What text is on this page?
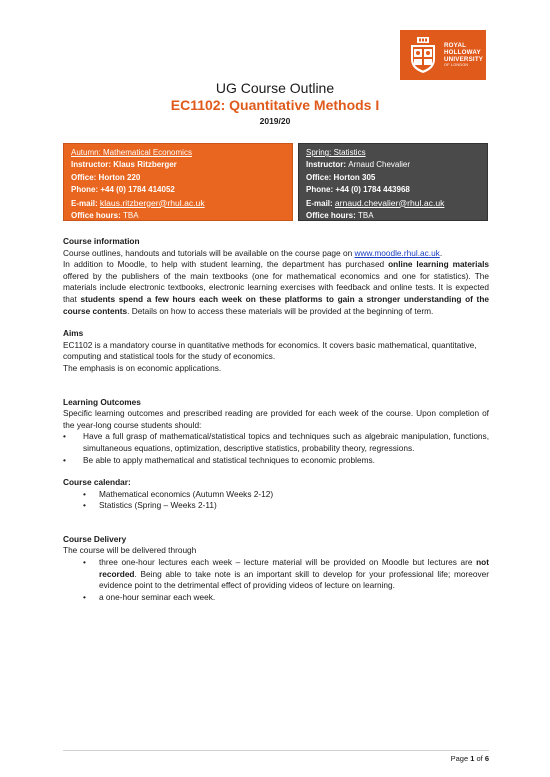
ROYAL
HOLLOWAY
UNIVERSITY
OF LONDON
UG Course Outline
EC1102: Quantitative Methods I
2019/20
Autumn: Mathematical Economics
Instructor: Klaus Ritzberger
Office: Horton 220
Phone: +44 (0) 1784 414052
E-mail: klaus.ritzberger@rhul.ac.uk
Office hours: TBA
Spring: Statistics
Instructor: Arnaud Chevalier
Office: Horton 305
Phone: +44 (0) 1784 443968
E-mail: arnaud.chevalier@rhul.ac.uk
Office hours: TBA

Course information

Course outlines, handouts and tutorials will be available on the course page on www.moodle.rhul.ac.uk.

In addition to Moodle, to help with student learning, the department has purchased online learning materials offered by the publishers of the main textbooks (one for mathematical economics and one for statistics). The materials include electronic textbooks, electronic learning exercises with feedback and online tests. It is expected that students spend a few hours each week on these platforms to gain a stronger understanding of the course contents. Details on how to access these materials will be provided at the beginning of term.

Aims

EC1102 is a mandatory course in quantitative methods for economics. It covers basic mathematical, quantitative, computing and statistical tools for the study of economics.

The emphasis is on economic applications.

Learning Outcomes

Specific learning outcomes and prescribed reading are provided for each week of the course. Upon completion of the year-long course students should:

• Have a full grasp of mathematical/statistical topics and techniques such as algebraic manipulation, functions, simultaneous equations, optimization, descriptive statistics, probability theory, regressions.
• Be able to apply mathematical and statistical techniques to economic problems.

Course calendar:

• Mathematical economics (Autumn Weeks 2-12)
• Statistics (Spring – Weeks 2-11)

Course Delivery

The course will be delivered through

• three one-hour lectures each week – lecture material will be provided on Moodle but lectures are not recorded. Being able to take note is an important skill to develop for your professional life; moreover evidence point to the detrimental effect of providing videos of lecture on learning.
• a one-hour seminar each week.
Page 1 of 6
